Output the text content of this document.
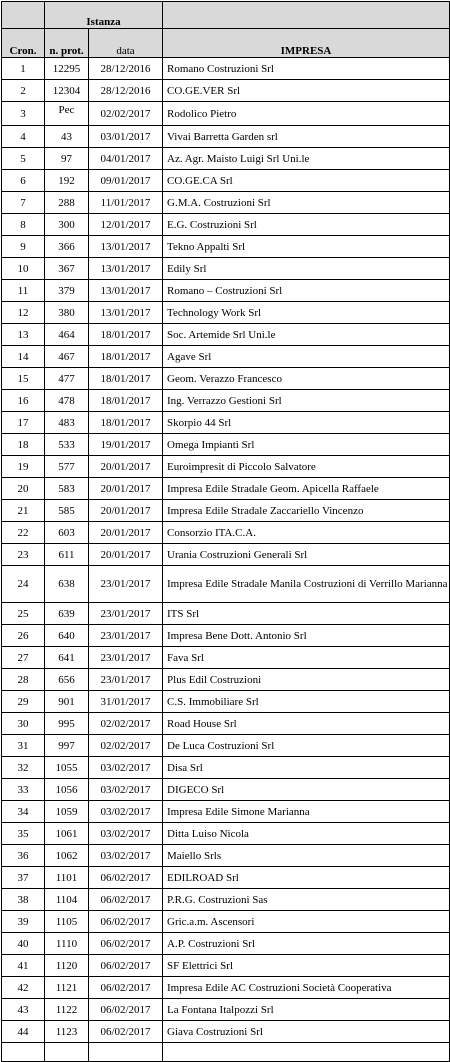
	Istanza		
Cron.	n. prot.	data	IMPRESA
1	12295	28/12/2016	Romano Costruzioni Srl
2	12304	28/12/2016	CO.GE.VER Srl
3	Pec	02/02/2017	Rodolico Pietro
4	43	03/01/2017	Vivai Barretta Garden srl
5	97	04/01/2017	Az. Agr. Maisto Luigi Srl Uni.le
6	192	09/01/2017	CO.GE.CA Srl
7	288	11/01/2017	G.M.A. Costruzioni Srl
8	300	12/01/2017	E.G. Costruzioni Srl
9	366	13/01/2017	Tekno Appalti Srl
10	367	13/01/2017	Edily Srl
11	379	13/01/2017	Romano – Costruzioni Srl
12	380	13/01/2017	Technology Work Srl
13	464	18/01/2017	Soc. Artemide Srl Uni.le
14	467	18/01/2017	Agave Srl
15	477	18/01/2017	Geom. Verazzo Francesco
16	478	18/01/2017	Ing. Verrazzo Gestioni Srl
17	483	18/01/2017	Skorpio 44 Srl
18	533	19/01/2017	Omega Impianti Srl
19	577	20/01/2017	Euroimpresit di Piccolo Salvatore
20	583	20/01/2017	Impresa Edile Stradale Geom. Apicella Raffaele
21	585	20/01/2017	Impresa Edile Stradale Zaccariello Vincenzo
22	603	20/01/2017	Consorzio ITA.C.A.
23	611	20/01/2017	Urania Costruzioni Generali Srl
24	638	23/01/2017	Impresa Edile Stradale Manila Costruzioni di Verrillo Marianna
25	639	23/01/2017	ITS Srl
26	640	23/01/2017	Impresa Bene Dott. Antonio Srl
27	641	23/01/2017	Fava Srl
28	656	23/01/2017	Plus Edil Costruzioni
29	901	31/01/2017	C.S. Immobiliare Srl
30	995	02/02/2017	Road House Srl
31	997	02/02/2017	De Luca Costruzioni Srl
32	1055	03/02/2017	Disa Srl
33	1056	03/02/2017	DIGECO Srl
34	1059	03/02/2017	Impresa Edile Simone Marianna
35	1061	03/02/2017	Ditta Luiso Nicola
36	1062	03/02/2017	Maiello Srls
37	1101	06/02/2017	EDILROAD Srl
38	1104	06/02/2017	P.R.G. Costruzioni Sas
39	1105	06/02/2017	Gric.a.m. Ascensori
40	1110	06/02/2017	A.P. Costruzioni Srl
41	1120	06/02/2017	SF Elettrici Srl
42	1121	06/02/2017	Impresa Edile AC Costruzioni Società Cooperativa
43	1122	06/02/2017	La Fontana Italpozzi Srl
44	1123	06/02/2017	Giava Costruzioni Srl
